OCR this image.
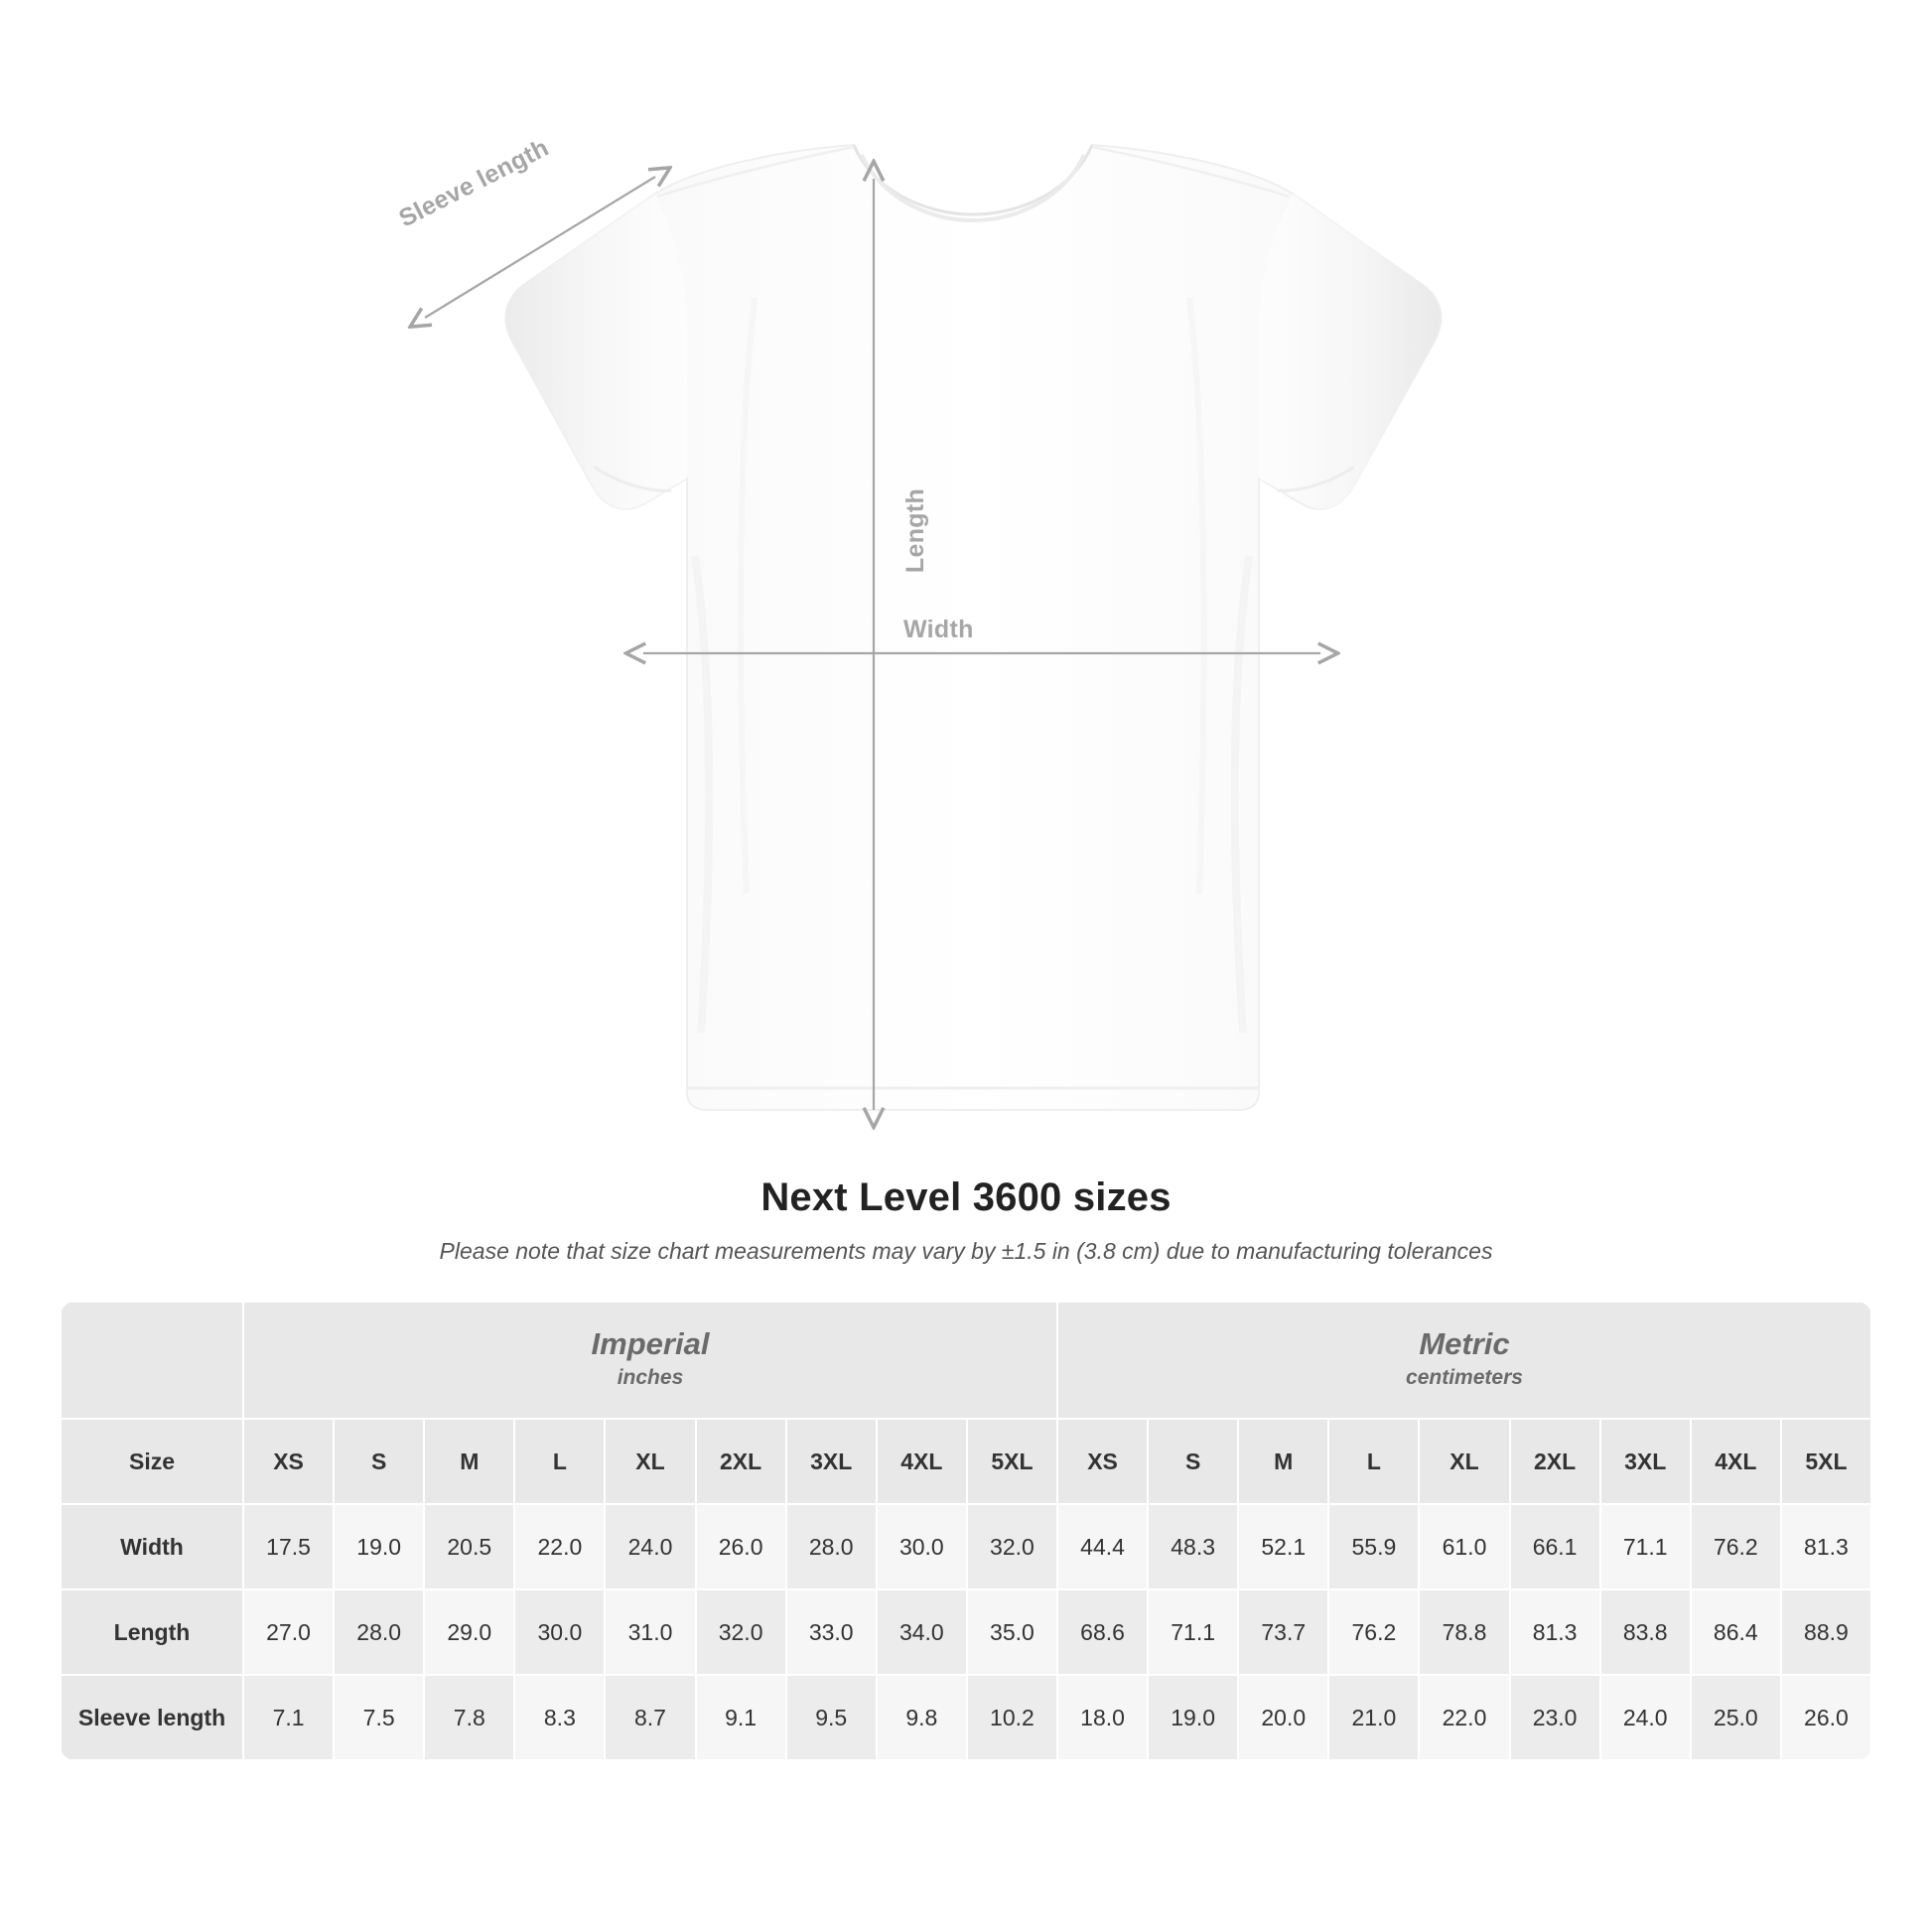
Sleeve length
Length
Width
Next Level 3600 sizes

Please note that size chart measurements may vary by ±1.5 in (3.8 cm) due to manufacturing tolerances

	Imperial
inches									Metric
centimeters								

Size	XS	S	M	L	XL	2XL	3XL	4XL	5XL	XS	S	M	L	XL	2XL	3XL	4XL	5XL
Width	17.5	19.0	20.5	22.0	24.0	26.0	28.0	30.0	32.0	44.4	48.3	52.1	55.9	61.0	66.1	71.1	76.2	81.3
Length	27.0	28.0	29.0	30.0	31.0	32.0	33.0	34.0	35.0	68.6	71.1	73.7	76.2	78.8	81.3	83.8	86.4	88.9
Sleeve length	7.1	7.5	7.8	8.3	8.7	9.1	9.5	9.8	10.2	18.0	19.0	20.0	21.0	22.0	23.0	24.0	25.0	26.0
